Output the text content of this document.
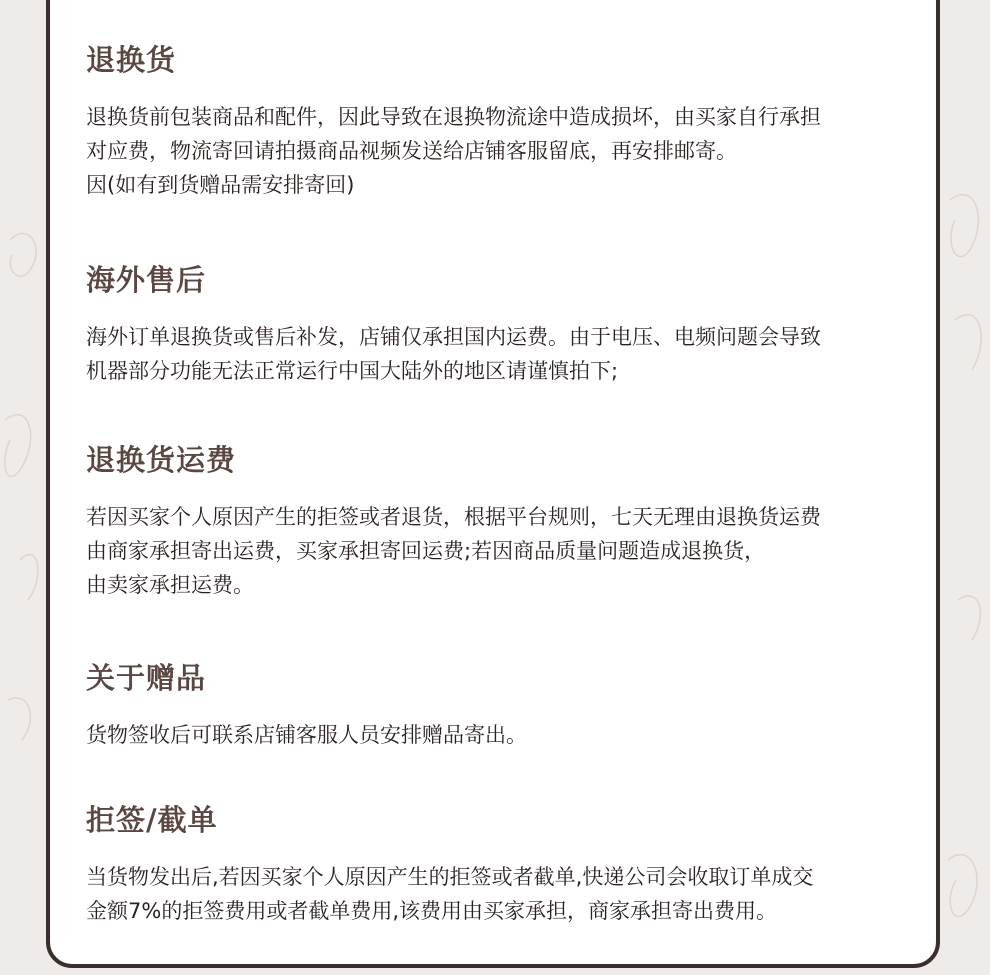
退换货

退换货前包装商品和配件，因此导致在退换物流途中造成损坏，由买家自行承担

对应费，物流寄回请拍摄商品视频发送给店铺客服留底，再安排邮寄。

因(如有到货赠品需安排寄回)

海外售后

海外订单退换货或售后补发，店铺仅承担国内运费。由于电压、电频问题会导致

机器部分功能无法正常运行中国大陆外的地区请谨慎拍下;

退换货运费

若因买家个人原因产生的拒签或者退货，根据平台规则，七天无理由退换货运费

由商家承担寄出运费，买家承担寄回运费;若因商品质量问题造成退换货，

由卖家承担运费。

关于赠品

货物签收后可联系店铺客服人员安排赠品寄出。

拒签/截单

当货物发出后,若因买家个人原因产生的拒签或者截单,快递公司会收取订单成交

金额7%的拒签费用或者截单费用,该费用由买家承担，商家承担寄出费用。
